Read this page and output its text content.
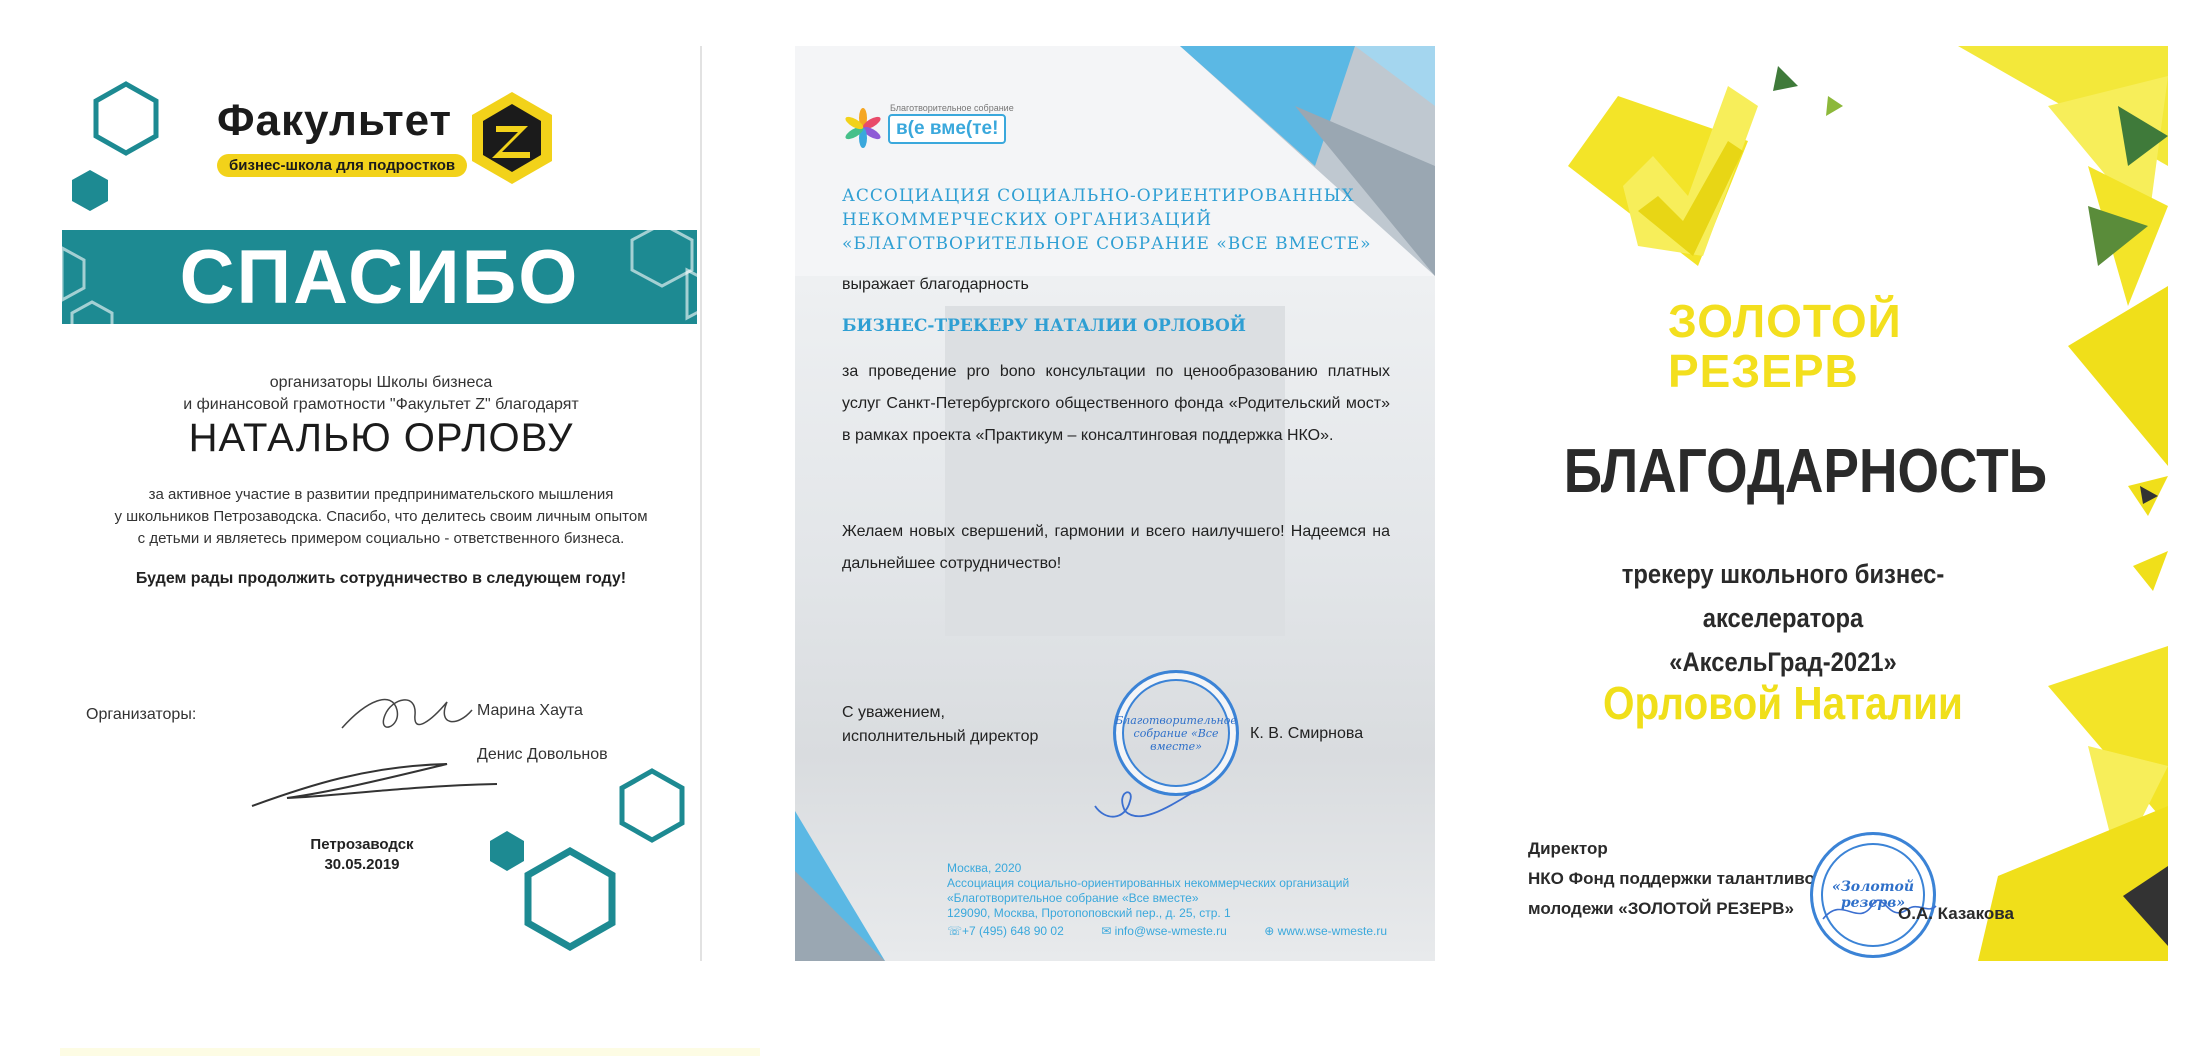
Факультет
бизнес-школа для подростков
СПАСИБО
организаторы Школы бизнеса
и финансовой грамотности "Факультет Z" благодарят
НАТАЛЬЮ ОРЛОВУ
за активное участие в развитии предпринимательского мышления
у школьников Петрозаводска. Спасибо, что делитесь своим личным опытом
с детьми и являетесь примером социально - ответственного бизнеса.
Будем рады продолжить сотрудничество в следующем году!
Организаторы:	Марина Хаута
Денис Довольнов
Петрозаводск
30.05.2019
Благотворительное собрание
в(е вме(те!
АССОЦИАЦИЯ СОЦИАЛЬНО-ОРИЕНТИРОВАННЫХ
НЕКОММЕРЧЕСКИХ ОРГАНИЗАЦИЙ
«БЛАГОТВОРИТЕЛЬНОЕ СОБРАНИЕ «ВСЕ ВМЕСТЕ»
выражает благодарность
БИЗНЕС-ТРЕКЕРУ НАТАЛИИ ОРЛОВОЙ
за проведение pro bono консультации по ценообразованию платных услуг Санкт-Петербургского общественного фонда «Родительский мост» в рамках проекта «Практикум – консалтинговая поддержка НКО».
Желаем новых свершений, гармонии и всего наилучшего! Надеемся на дальнейшее сотрудничество!
С уважением,
исполнительный директор
Благотворительное собрание «Все вместе»
К. В. Смирнова
Москва, 2020
Ассоциация социально-ориентированных некоммерческих организаций
«Благотворительное собрание «Все вместе»
129090, Москва, Протопоповский пер., д. 25, стр. 1
☏+7 (495) 648 90 02	✉ info@wse-wmeste.ru	⊕ www.wse-wmeste.ru
ЗОЛОТОЙ
РЕЗЕРВ
БЛАГОДАРНОСТЬ
трекеру школьного бизнес-акселератора
«АксельГрад-2021»
Орловой Наталии
Директор
НКО Фонд поддержки талантливой
молодежи «ЗОЛОТОЙ РЕЗЕРВ»
«Золотой резерв»
О.А. Казакова
